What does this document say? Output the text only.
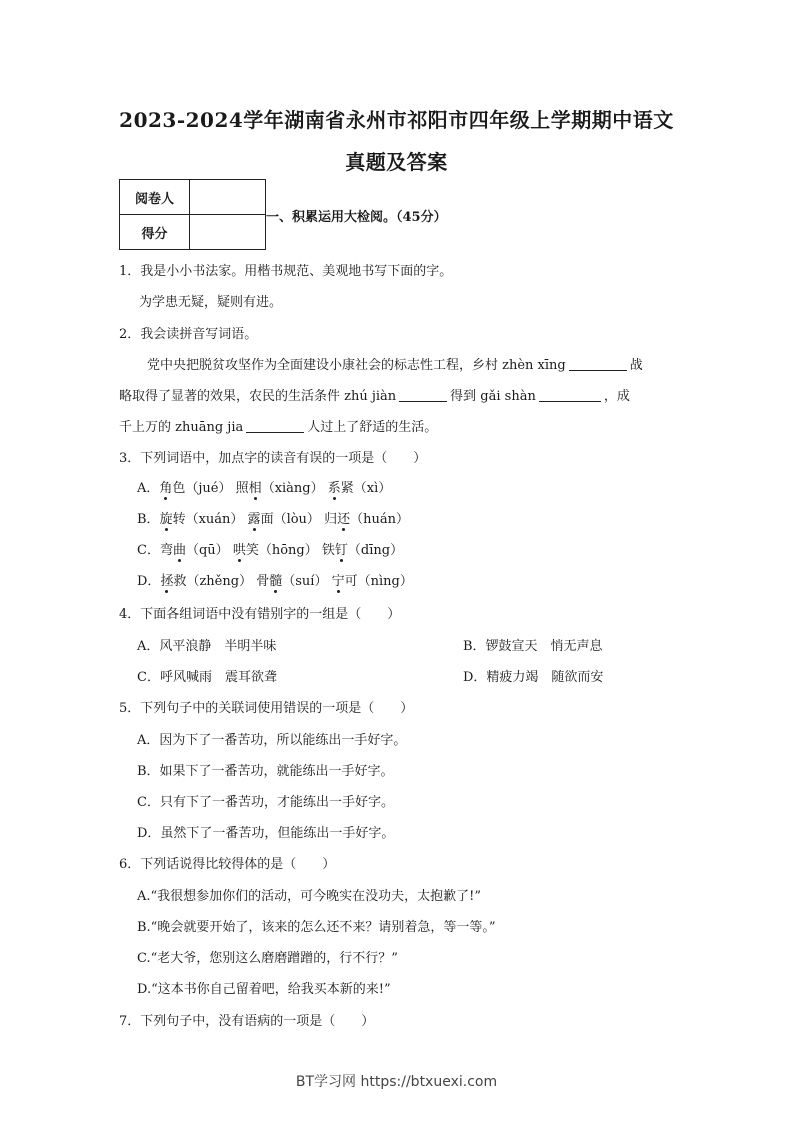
2023-2024学年湖南省永州市祁阳市四年级上学期期中语文
真题及答案
阅卷人	
得分	
一、积累运用大检阅。（45分）
1．我是小小书法家。用楷书规范、美观地书写下面的字。
为学患无疑，疑则有进。
2．我会读拼音写词语。
党中央把脱贫攻坚作为全面建设小康社会的标志性工程，乡村 zhèn xīng	战
略取得了显著的效果，农民的生活条件 zhú jiàn	得到 gǎi shàn	，成
千上万的 zhuāng jia	人过上了舒适的生活。
3．下列词语中，加点字的读音有误的一项是（　　）
A．角色（jué） 照相（xiàng） 系紧（xì）
B．旋转（xuán） 露面（lòu） 归还（huán）
C．弯曲（qū） 哄笑（hōng） 铁钉（dīng）
D．拯救（zhěng） 骨髓（suí） 宁可（nìng）
4．下面各组词语中没有错别字的一组是（　　）
A．风平浪静　半明半味	B．锣鼓宣天　悄无声息
C．呼风喊雨　震耳欲聋	D．精疲力竭　随欲而安
5．下列句子中的关联词使用错误的一项是（　　）
A．因为下了一番苦功，所以能练出一手好字。
B．如果下了一番苦功，就能练出一手好字。
C．只有下了一番苦功，才能练出一手好字。
D．虽然下了一番苦功，但能练出一手好字。
6．下列话说得比较得体的是（　　）
A.“我很想参加你们的活动，可今晚实在没功夫，太抱歉了!”
B.“晚会就要开始了，该来的怎么还不来？请别着急，等一等。”
C.“老大爷，您别这么磨磨蹭蹭的，行不行？”
D.“这本书你自己留着吧，给我买本新的来!”
7．下列句子中，没有语病的一项是（　　）
BT学习网 https://btxuexi.com
